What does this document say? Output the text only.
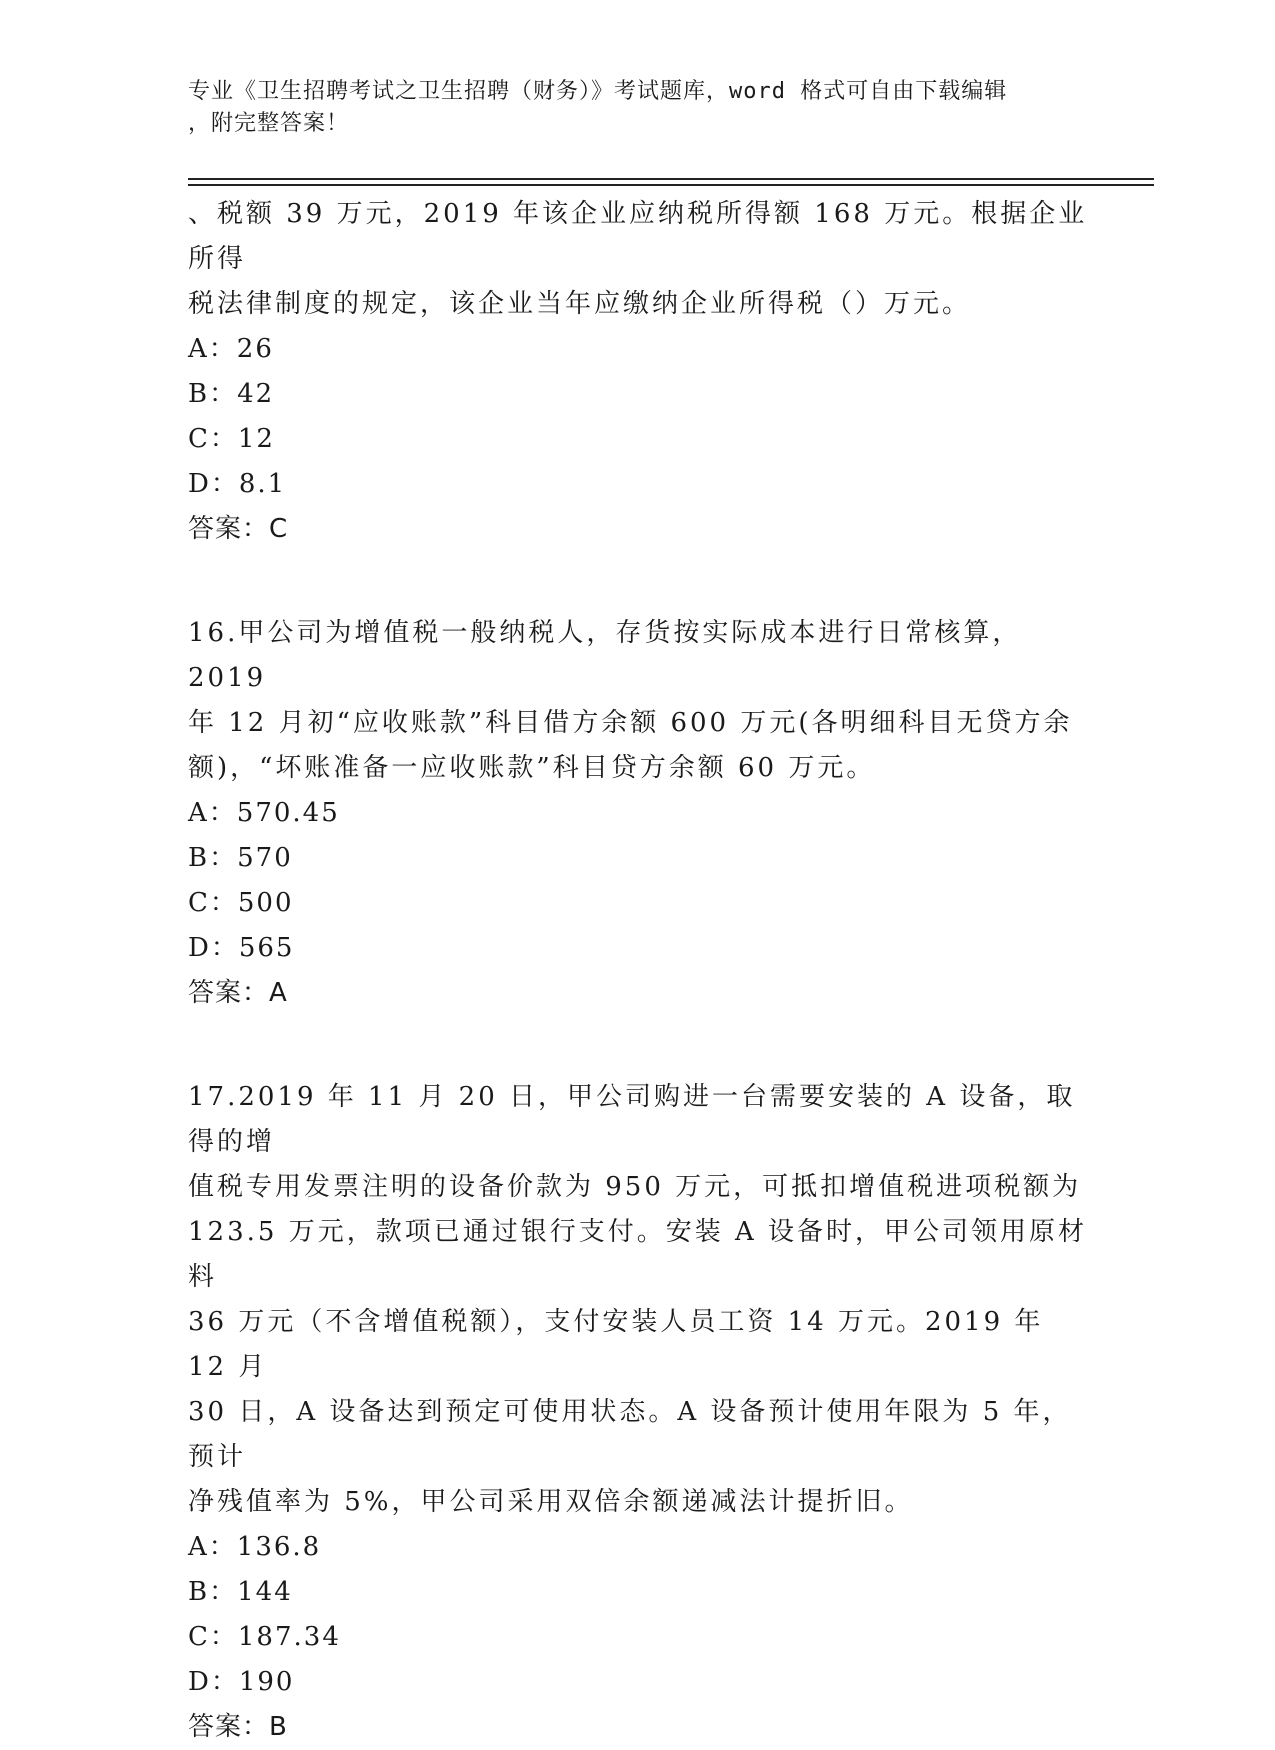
专业《卫生招聘考试之卫生招聘（财务）》考试题库，word 格式可自由下载编辑
，附完整答案！

、税额 39 万元，2019 年该企业应纳税所得额 168 万元。根据企业所得

税法律制度的规定，该企业当年应缴纳企业所得税（）万元。

A：26

B：42

C：12

D：8.1

答案：C

16.甲公司为增值税一般纳税人，存货按实际成本进行日常核算，2019

年 12 月初“应收账款”科目借方余额 600 万元(各明细科目无贷方余

额)，“坏账准备一应收账款”科目贷方余额 60 万元。

A：570.45

B：570

C：500

D：565

答案：A

17.2019 年 11 月 20 日，甲公司购进一台需要安装的 A 设备，取得的增

值税专用发票注明的设备价款为 950 万元，可抵扣增值税进项税额为

123.5 万元，款项已通过银行支付。安装 A 设备时，甲公司领用原材料

36 万元（不含增值税额），支付安装人员工资 14 万元。2019 年 12 月

30 日，A 设备达到预定可使用状态。A 设备预计使用年限为 5 年，预计

净残值率为 5%，甲公司采用双倍余额递减法计提折旧。

A：136.8

B：144

C：187.34

D：190

答案：B
